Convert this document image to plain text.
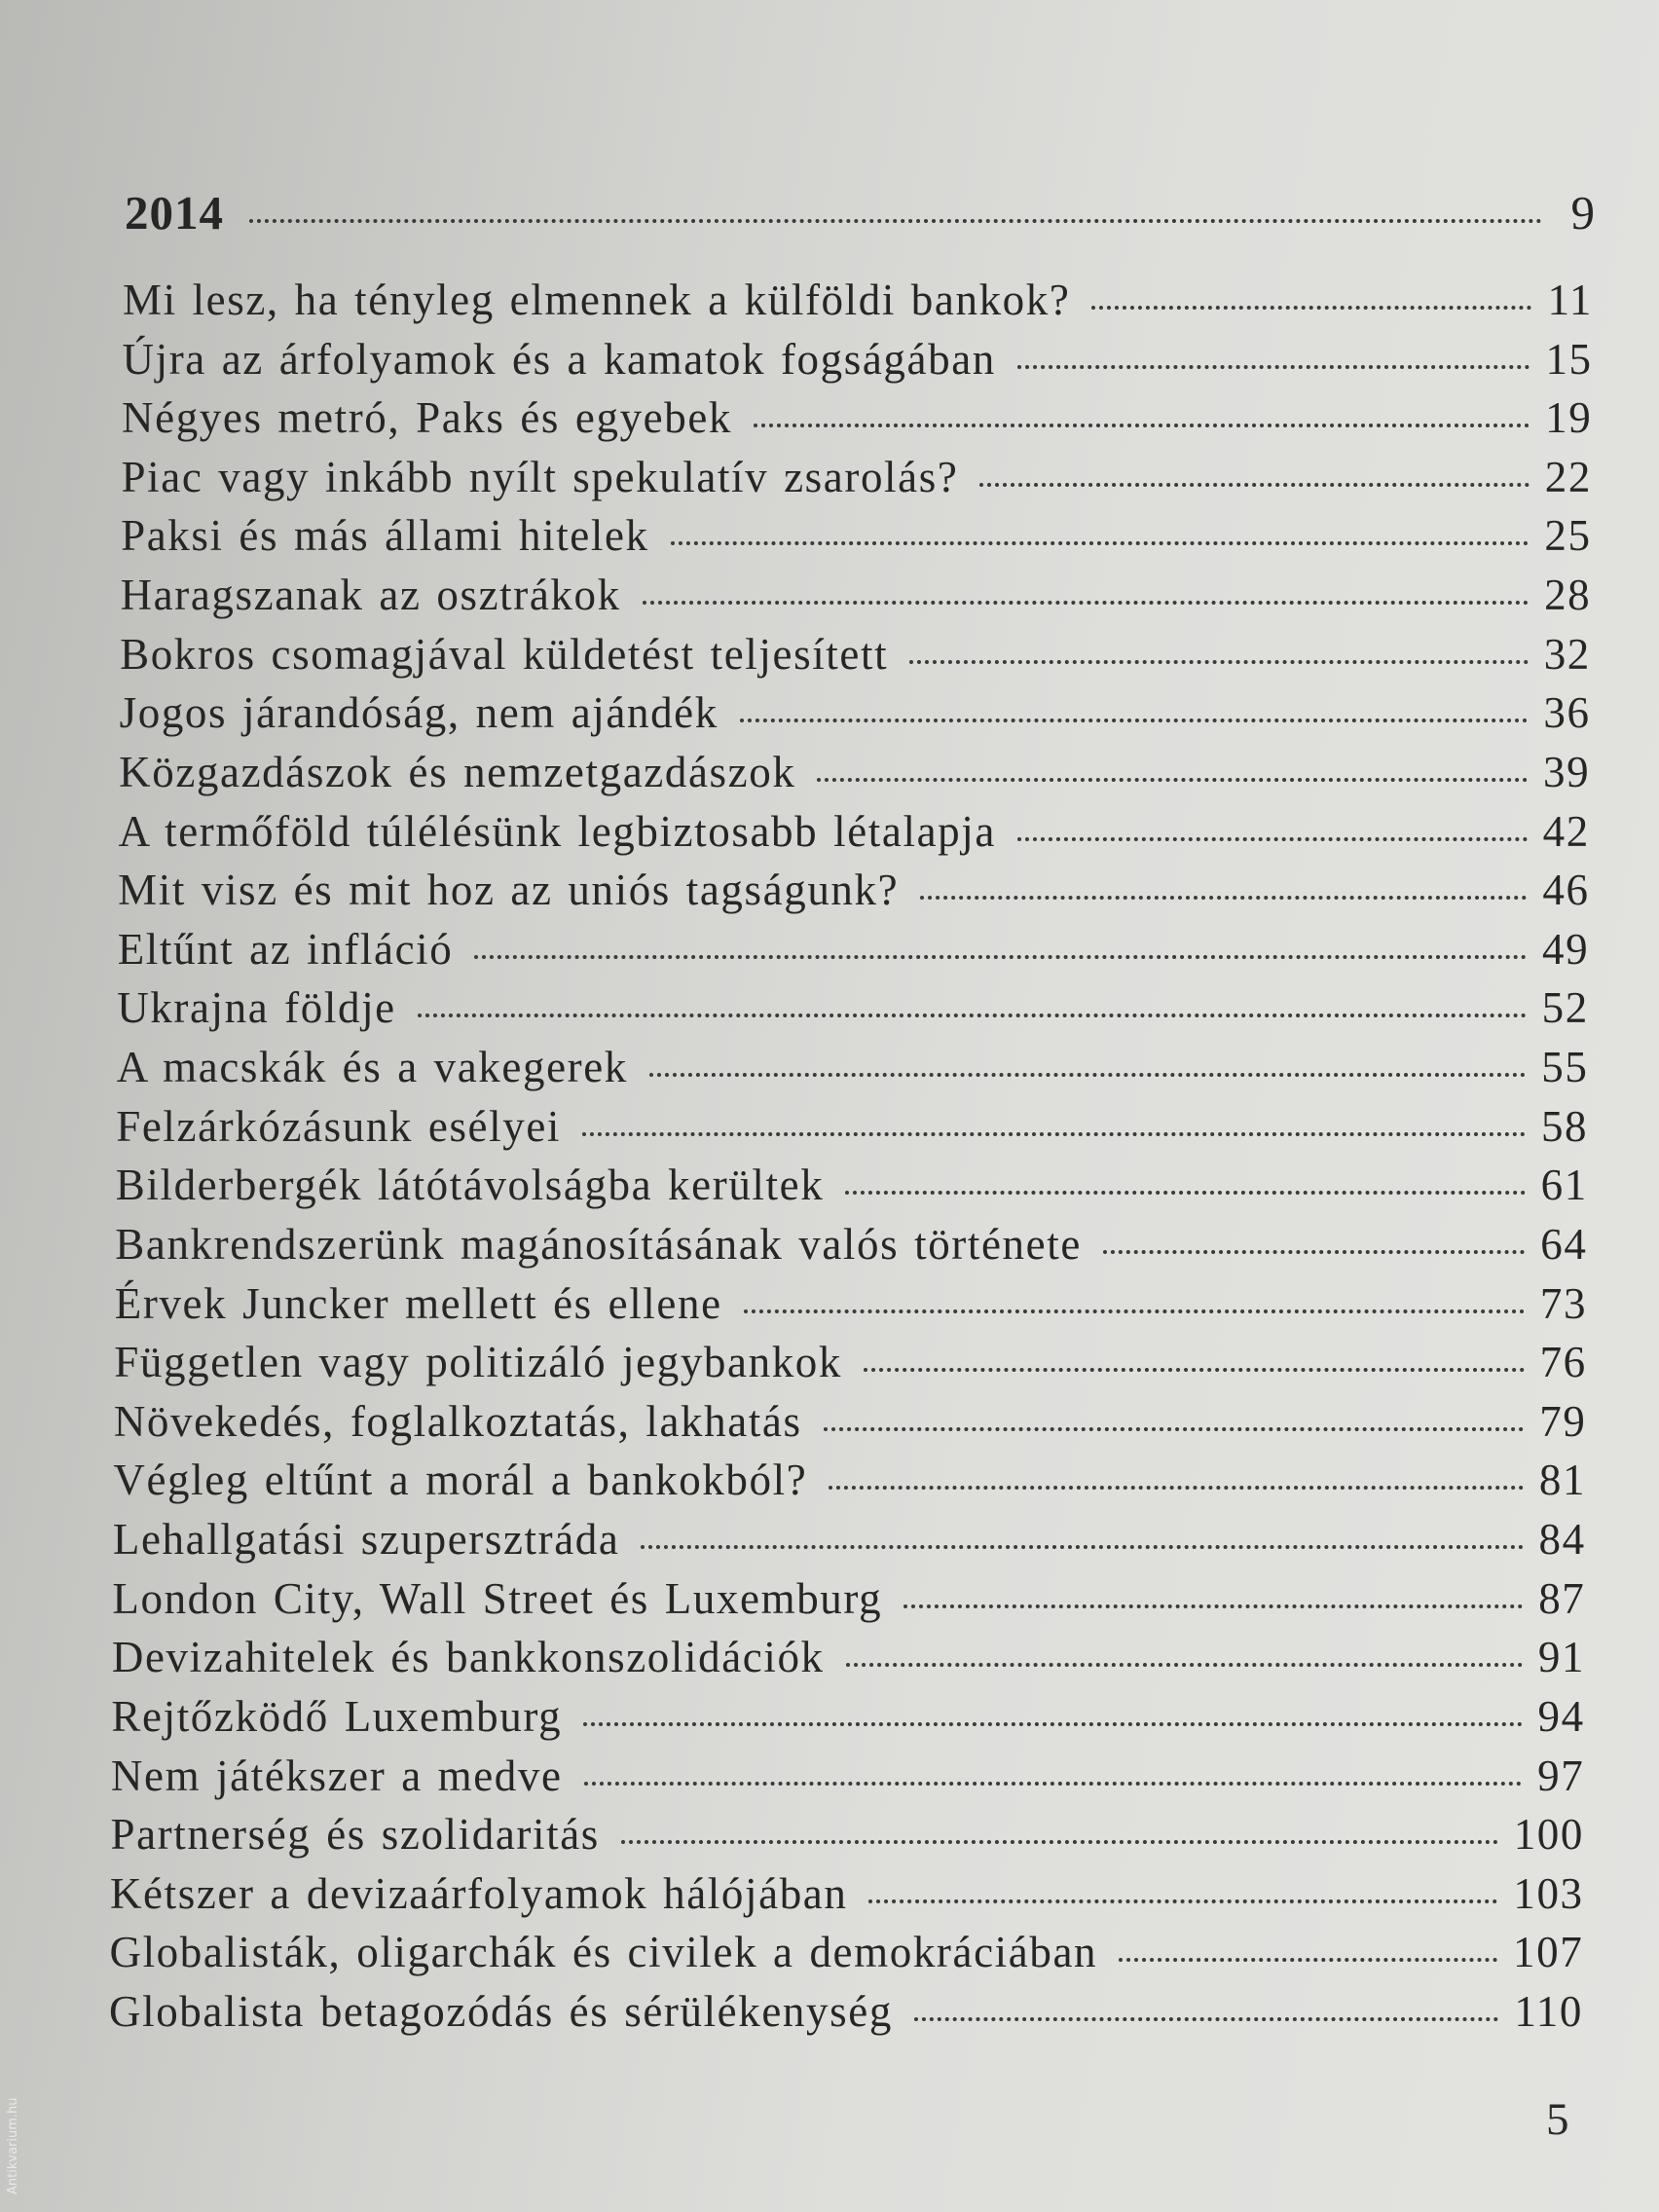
2014	9
Mi lesz, ha tényleg elmennek a külföldi bankok?	11
Újra az árfolyamok és a kamatok fogságában	15
Négyes metró, Paks és egyebek	19
Piac vagy inkább nyílt spekulatív zsarolás?	22
Paksi és más állami hitelek	25
Haragszanak az osztrákok	28
Bokros csomagjával küldetést teljesített	32
Jogos járandóság, nem ajándék	36
Közgazdászok és nemzetgazdászok	39
A termőföld túlélésünk legbiztosabb létalapja	42
Mit visz és mit hoz az uniós tagságunk?	46
Eltűnt az infláció	49
Ukrajna földje	52
A macskák és a vakegerek	55
Felzárkózásunk esélyei	58
Bilderbergék látótávolságba kerültek	61
Bankrendszerünk magánosításának valós története	64
Érvek Juncker mellett és ellene	73
Független vagy politizáló jegybankok	76
Növekedés, foglalkoztatás, lakhatás	79
Végleg eltűnt a morál a bankokból?	81
Lehallgatási szupersztráda	84
London City, Wall Street és Luxemburg	87
Devizahitelek és bankkonszolidációk	91
Rejtőzködő Luxemburg	94
Nem játékszer a medve	97
Partnerség és szolidaritás	100
Kétszer a devizaárfolyamok hálójában	103
Globalisták, oligarchák és civilek a demokráciában	107
Globalista betagozódás és sérülékenység	110
5
Antikvarium.hu
